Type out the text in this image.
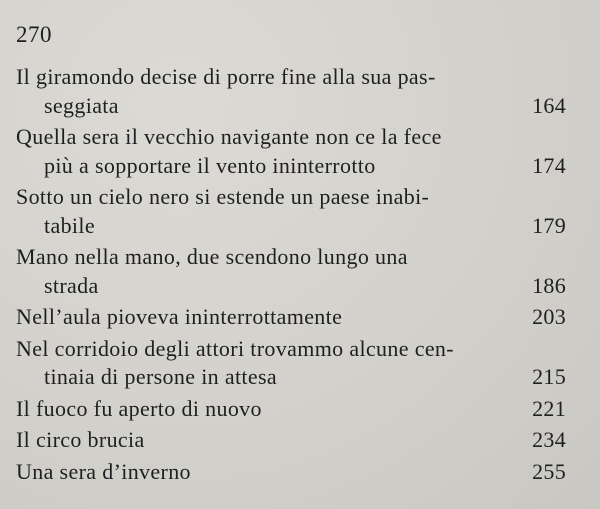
270
Il giramondo decise di porre fine alla sua pas-
seggiata	164
Quella sera il vecchio navigante non ce la fece
più a sopportare il vento ininterrotto	174
Sotto un cielo nero si estende un paese inabi-
tabile	179
Mano nella mano, due scendono lungo una
strada	186
Nell’aula pioveva ininterrottamente	203
Nel corridoio degli attori trovammo alcune cen-
tinaia di persone in attesa	215
Il fuoco fu aperto di nuovo	221
Il circo brucia	234
Una sera d’inverno	255
